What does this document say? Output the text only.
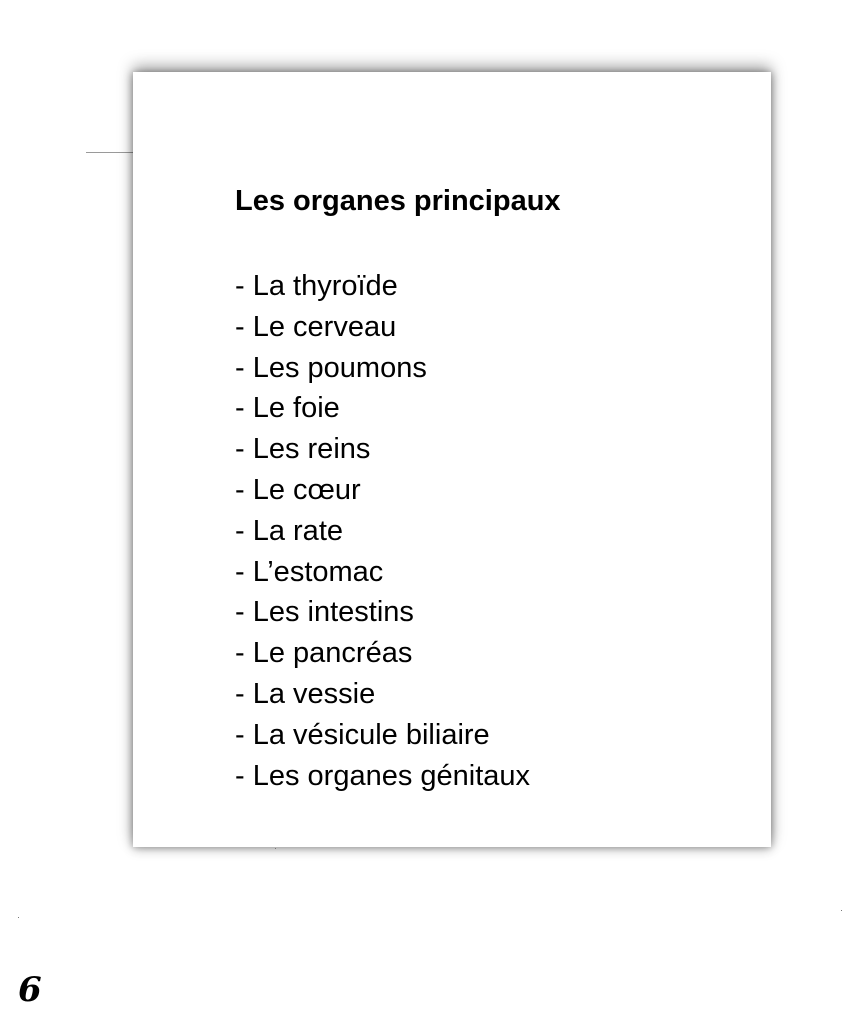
Les organes principaux
- La thyroïde
- Le cerveau
- Les poumons
- Le foie
- Les reins
- Le cœur
- La rate
- L’estomac
- Les intestins
- Le pancréas
- La vessie
- La vésicule biliaire
- Les organes génitaux
6
